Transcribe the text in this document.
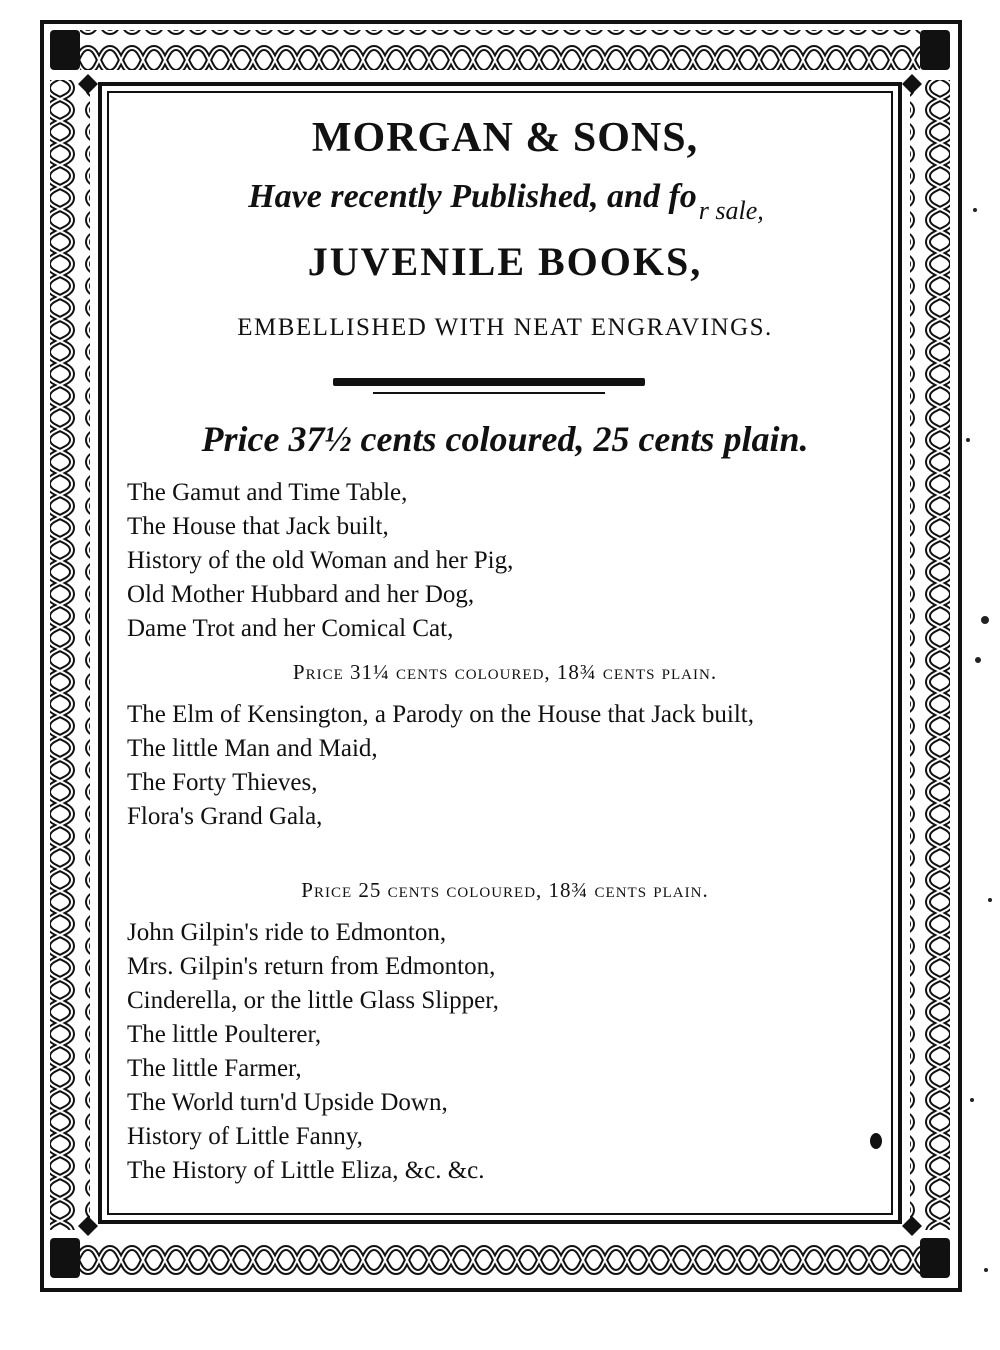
MORGAN & SONS,
Have recently Published, and $fo_{r sale,}$
JUVENILE BOOKS,
EMBELLISHED WITH NEAT ENGRAVINGS.
Price 37½ cents coloured, 25 cents plain.
The Gamut and Time Table,
The House that Jack built,
History of the old Woman and her Pig,
Old Mother Hubbard and her Dog,
Dame Trot and her Comical Cat,
Price 31¼ cents coloured, 18¾ cents plain.
The Elm of Kensington, a Parody on the House that Jack built,
The little Man and Maid,
The Forty Thieves,
Flora's Grand Gala,
Price 25 cents coloured, 18¾ cents plain.
John Gilpin's ride to Edmonton,
Mrs. Gilpin's return from Edmonton,
Cinderella, or the little Glass Slipper,
The little Poulterer,
The little Farmer,
The World turn'd Upside Down,
History of Little Fanny,
The History of Little Eliza, &c. &c.
